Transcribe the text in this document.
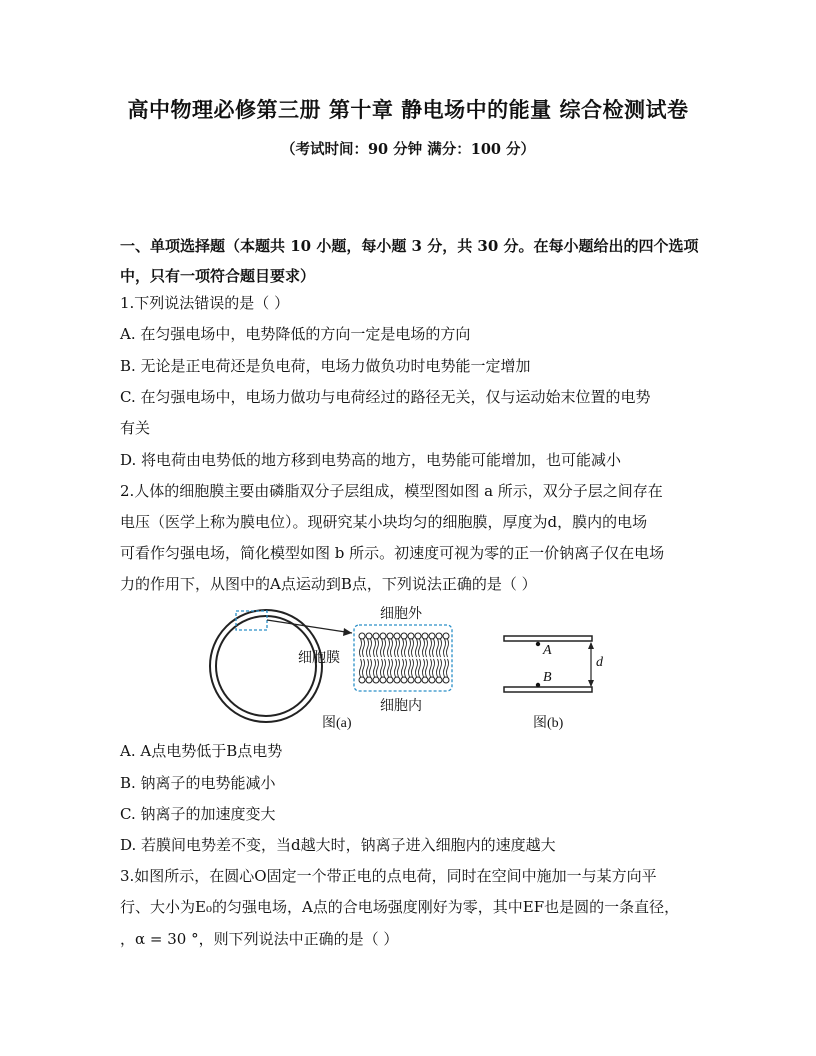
高中物理必修第三册 第十章 静电场中的能量 综合检测试卷
（考试时间：90 分钟 满分：100 分）
一、单项选择题（本题共 10 小题，每小题 3 分，共 30 分。在每小题给出的四个选项中，只有一项符合题目要求）
1.下列说法错误的是（ ）
A. 在匀强电场中，电势降低的方向一定是电场的方向
B. 无论是正电荷还是负电荷，电场力做负功时电势能一定增加
C. 在匀强电场中，电场力做功与电荷经过的路径无关，仅与运动始末位置的电势
有关
D. 将电荷由电势低的地方移到电势高的地方，电势能可能增加，也可能减小
2.人体的细胞膜主要由磷脂双分子层组成，模型图如图 a 所示，双分子层之间存在
电压（医学上称为膜电位）。现研究某小块均匀的细胞膜，厚度为d，膜内的电场
可看作匀强电场，简化模型如图 b 所示。初速度可视为零的正一价钠离子仅在电场
力的作用下，从图中的A点运动到B点，下列说法正确的是（ ）
细胞外
细胞膜
细胞内
图(a)	图(b)
A
B
d
A. A点电势低于B点电势
B. 钠离子的电势能减小
C. 钠离子的加速度变大
D. 若膜间电势差不变，当d越大时，钠离子进入细胞内的速度越大
3.如图所示，在圆心O固定一个带正电的点电荷，同时在空间中施加一与某方向平
行、大小为E₀的匀强电场，A点的合电场强度刚好为零，其中EF也是圆的一条直径，
，α = 30 °，则下列说法中正确的是（ ）
